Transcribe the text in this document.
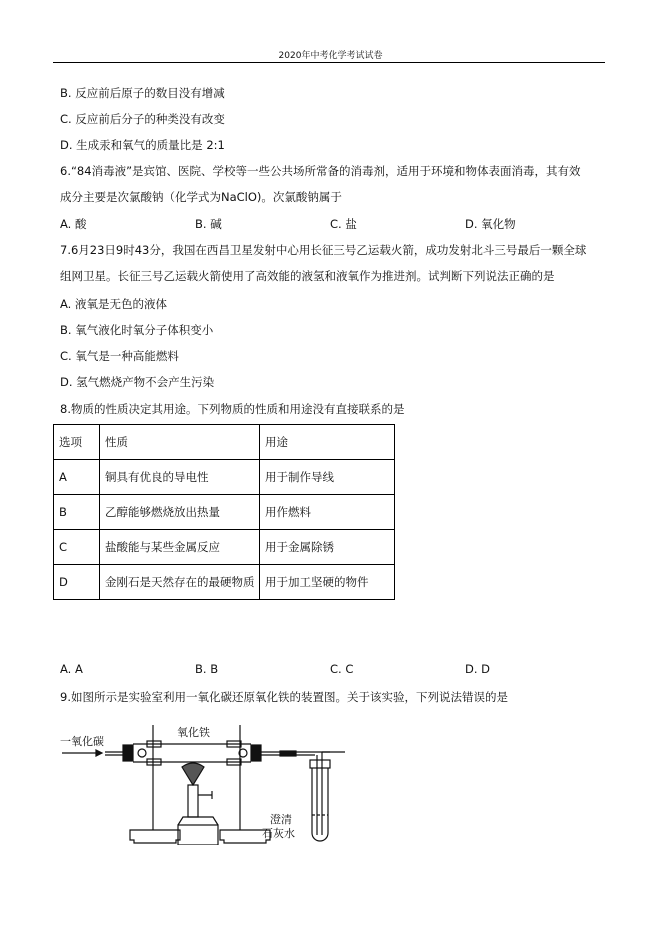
2020年中考化学考试试卷
B. 反应前后原子的数目没有增减
C. 反应前后分子的种类没有改变
D. 生成汞和氧气的质量比是 2:1
6.“84消毒液”是宾馆、医院、学校等一些公共场所常备的消毒剂，适用于环境和物体表面消毒，其有效
成分主要是次氯酸钠（化学式为NaClO)。次氯酸钠属于
A. 酸	B. 碱	C. 盐	D. 氧化物
7.6月23日9时43分，我国在西昌卫星发射中心用长征三号乙运载火箭，成功发射北斗三号最后一颗全球
组网卫星。长征三号乙运载火箭使用了高效能的液氢和液氧作为推进剂。试判断下列说法正确的是
A. 液氧是无色的液体
B. 氧气液化时氧分子体积变小
C. 氧气是一种高能燃料
D. 氢气燃烧产物不会产生污染
8.物质的性质决定其用途。下列物质的性质和用途没有直接联系的是
选项	性质	用途
A	铜具有优良的导电性	用于制作导线
B	乙醇能够燃烧放出热量	用作燃料
C	盐酸能与某些金属反应	用于金属除锈
D	金刚石是天然存在的最硬物质	用于加工坚硬的物件
A. A	B. B	C. C	D. D
9.如图所示是实验室利用一氧化碳还原氧化铁的装置图。关于该实验，下列说法错误的是
一氧化碳
氧化铁
澄清
石灰水
